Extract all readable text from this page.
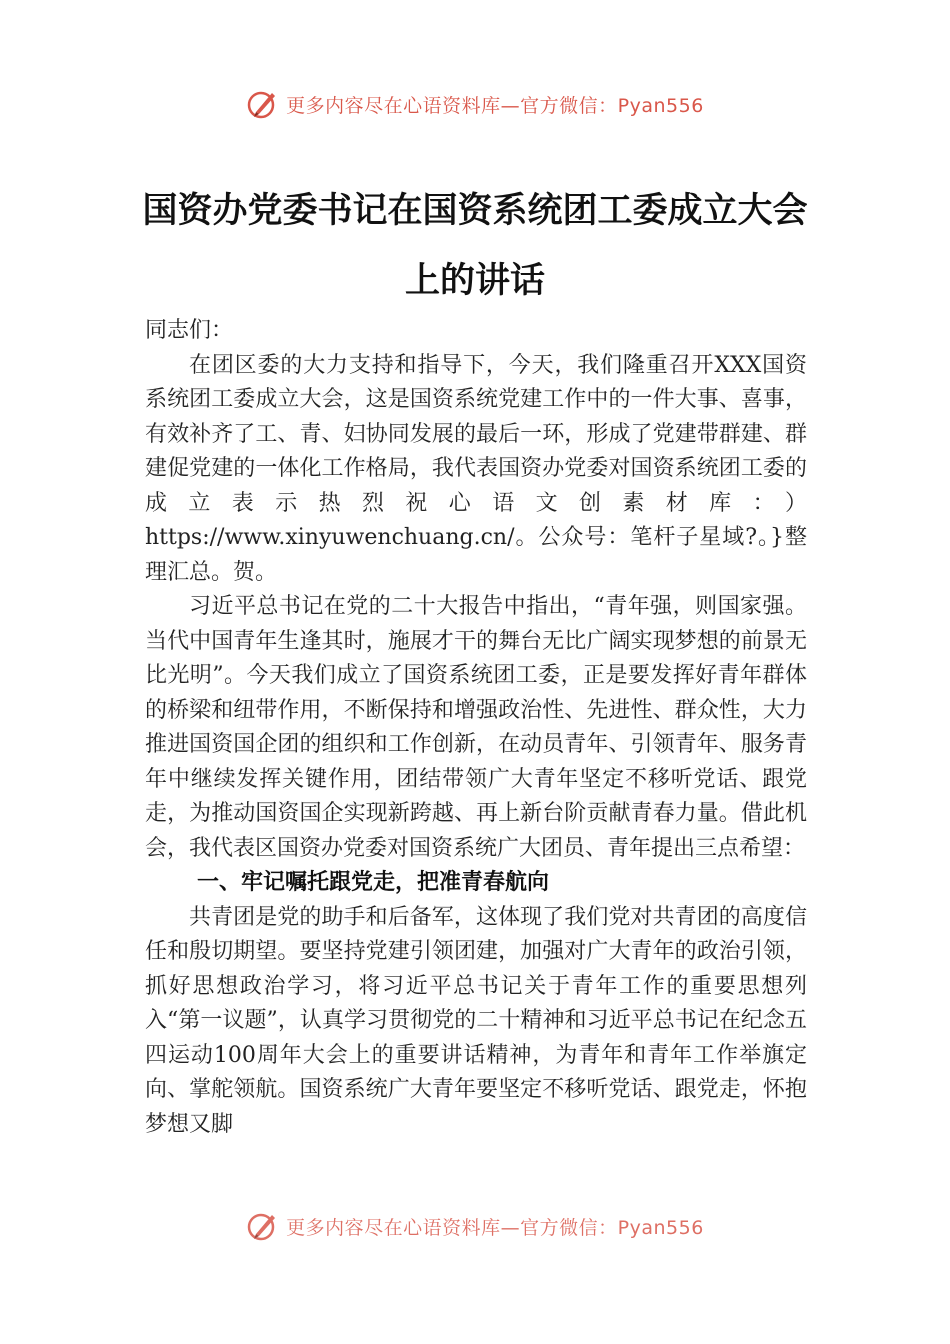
更多内容尽在心语资料库—官方微信：Pyan556
国资办党委书记在国资系统团工委成立大会上的讲话

同志们：

在团区委的大力支持和指导下，今天，我们隆重召开XXX国资系统团工委成立大会，这是国资系统党建工作中的一件大事、喜事，有效补齐了工、青、妇协同发展的最后一环，形成了党建带群建、群建促党建的一体化工作格局，我代表国资办党委对国资系统团工委的成立表示热烈祝心语文创素材库：）https://www.xinyuwenchuang.cn/。公众号：笔杆子星域?。}整理汇总。贺。

习近平总书记在党的二十大报告中指出，“青年强，则国家强。当代中国青年生逢其时，施展才干的舞台无比广阔实现梦想的前景无比光明”。今天我们成立了国资系统团工委，正是要发挥好青年群体的桥梁和纽带作用，不断保持和增强政治性、先进性、群众性，大力推进国资国企团的组织和工作创新，在动员青年、引领青年、服务青年中继续发挥关键作用，团结带领广大青年坚定不移听党话、跟党走，为推动国资国企实现新跨越、再上新台阶贡献青春力量。借此机会，我代表区国资办党委对国资系统广大团员、青年提出三点希望：

一、牢记嘱托跟党走，把准青春航向

共青团是党的助手和后备军，这体现了我们党对共青团的高度信任和殷切期望。要坚持党建引领团建，加强对广大青年的政治引领，抓好思想政治学习，将习近平总书记关于青年工作的重要思想列入“第一议题”，认真学习贯彻党的二十精神和习近平总书记在纪念五四运动100周年大会上的重要讲话精神，为青年和青年工作举旗定向、掌舵领航。国资系统广大青年要坚定不移听党话、跟党走，怀抱梦想又脚

更多内容尽在心语资料库—官方微信：Pyan556
